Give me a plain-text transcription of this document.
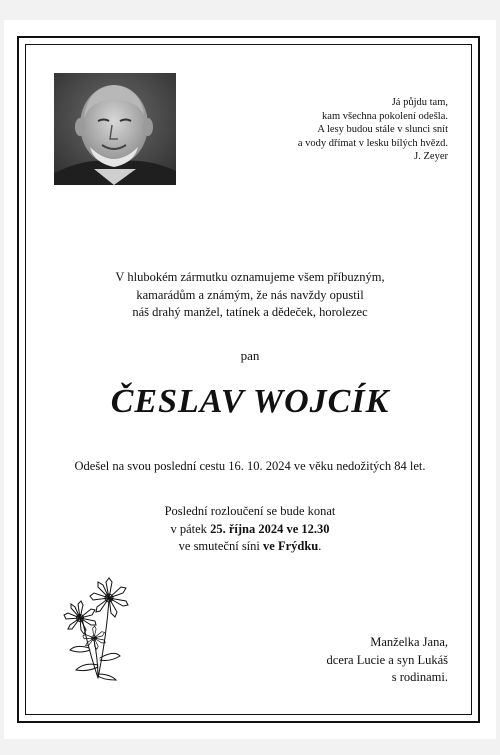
Já půjdu tam,
kam všechna pokolení odešla.
A lesy budou stále v slunci snít
a vody dřímat v lesku bílých hvězd.
J. Zeyer
V hlubokém zármutku oznamujeme všem příbuzným,
kamarádům a známým, že nás navždy opustil
náš drahý manžel, tatínek a dědeček, horolezec
pan
ČESLAV WOJCÍK
Odešel na svou poslední cestu 16. 10. 2024 ve věku nedožitých 84 let.
Poslední rozloučení se bude konat
v pátek 25. října 2024 ve 12.30
ve smuteční síni ve Frýdku.
Manželka Jana,
dcera Lucie a syn Lukáš
s rodinami.
